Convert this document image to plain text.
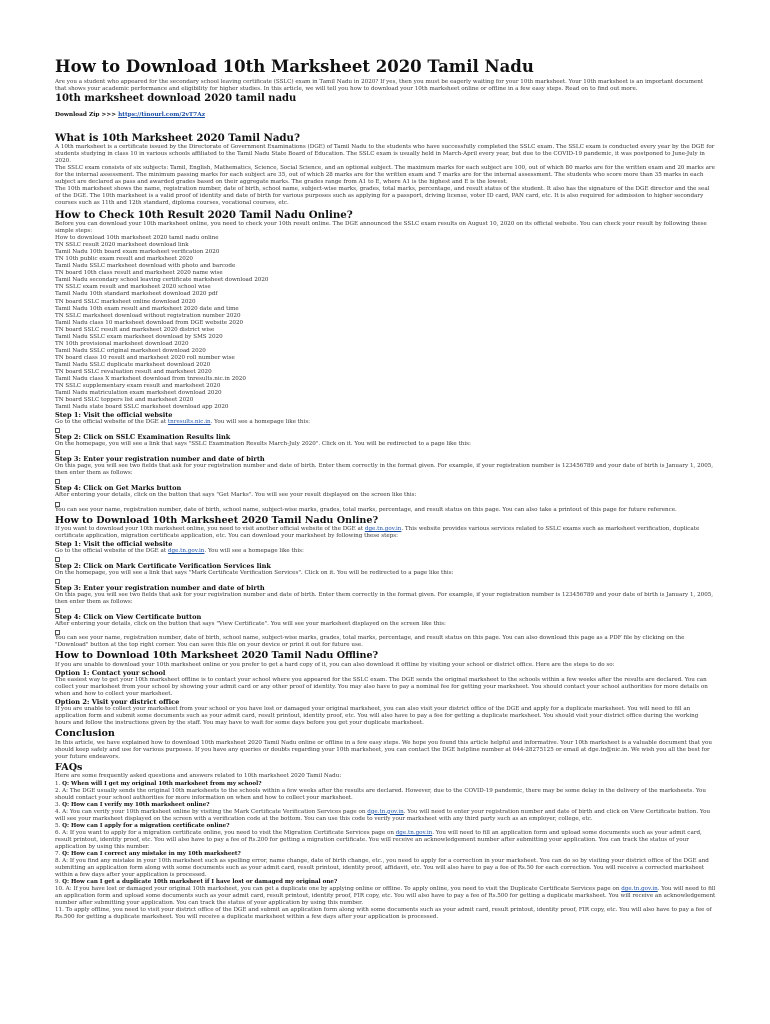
How to Download 10th Marksheet 2020 Tamil Nadu

Are you a student who appeared for the secondary school leaving certificate (SSLC) exam in Tamil Nadu in 2020? If yes, then you must be eagerly waiting for your 10th marksheet. Your 10th marksheet is an important document that shows your academic performance and eligibility for higher studies. In this article, we will tell you how to download your 10th marksheet online or offline in a few easy steps. Read on to find out more.

10th marksheet download 2020 tamil nadu
Download Zip >>> https://tinourl.com/2vT7Az
What is 10th Marksheet 2020 Tamil Nadu?

A 10th marksheet is a certificate issued by the Directorate of Government Examinations (DGE) of Tamil Nadu to the students who have successfully completed the SSLC exam. The SSLC exam is conducted every year by the DGE for students studying in class 10 in various schools affiliated to the Tamil Nadu State Board of Education. The SSLC exam is usually held in March-April every year, but due to the COVID-19 pandemic, it was postponed to June-July in 2020.

The SSLC exam consists of six subjects: Tamil, English, Mathematics, Science, Social Science, and an optional subject. The maximum marks for each subject are 100, out of which 80 marks are for the written exam and 20 marks are for the internal assessment. The minimum passing marks for each subject are 35, out of which 28 marks are for the written exam and 7 marks are for the internal assessment. The students who score more than 35 marks in each subject are declared as pass and awarded grades based on their aggregate marks. The grades range from A1 to E, where A1 is the highest and E is the lowest.

The 10th marksheet shows the name, registration number, date of birth, school name, subject-wise marks, grades, total marks, percentage, and result status of the student. It also has the signature of the DGE director and the seal of the DGE. The 10th marksheet is a valid proof of identity and date of birth for various purposes such as applying for a passport, driving license, voter ID card, PAN card, etc. It is also required for admission to higher secondary courses such as 11th and 12th standard, diploma courses, vocational courses, etc.

How to Check 10th Result 2020 Tamil Nadu Online?

Before you can download your 10th marksheet online, you need to check your 10th result online. The DGE announced the SSLC exam results on August 10, 2020 on its official website. You can check your result by following these simple steps:

How to download 10th marksheet 2020 tamil nadu online

TN SSLC result 2020 marksheet download link

Tamil Nadu 10th board exam marksheet verification 2020

TN 10th public exam result and marksheet 2020

Tamil Nadu SSLC marksheet download with photo and barcode

TN board 10th class result and marksheet 2020 name wise

Tamil Nadu secondary school leaving certificate marksheet download 2020

TN SSLC exam result and marksheet 2020 school wise

Tamil Nadu 10th standard marksheet download 2020 pdf

TN board SSLC marksheet online download 2020

Tamil Nadu 10th exam result and marksheet 2020 date and time

TN SSLC marksheet download without registration number 2020

Tamil Nadu class 10 marksheet download from DGE website 2020

TN board SSLC result and marksheet 2020 district wise

Tamil Nadu SSLC exam marksheet download by SMS 2020

TN 10th provisional marksheet download 2020

Tamil Nadu SSLC original marksheet download 2020

TN board class 10 result and marksheet 2020 roll number wise

Tamil Nadu SSLC duplicate marksheet download 2020

TN board SSLC revaluation result and marksheet 2020

Tamil Nadu class X marksheet download from tnresults.nic.in 2020

TN SSLC supplementary exam result and marksheet 2020

Tamil Nadu matriculation exam marksheet download 2020

TN board SSLC toppers list and marksheet 2020

Tamil Nadu state board SSLC marksheet download app 2020

Step 1: Visit the official website

Go to the official website of the DGE at tnresults.nic.in. You will see a homepage like this:

Step 2: Click on SSLC Examination Results link

On the homepage, you will see a link that says "SSLC Examination Results March-July 2020". Click on it. You will be redirected to a page like this:

Step 3: Enter your registration number and date of birth

On this page, you will see two fields that ask for your registration number and date of birth. Enter them correctly in the format given. For example, if your registration number is 123456789 and your date of birth is January 1, 2005, then enter them as follows:

Step 4: Click on Get Marks button

After entering your details, click on the button that says "Get Marks". You will see your result displayed on the screen like this:

You can see your name, registration number, date of birth, school name, subject-wise marks, grades, total marks, percentage, and result status on this page. You can also take a printout of this page for future reference.

How to Download 10th Marksheet 2020 Tamil Nadu Online?

If you want to download your 10th marksheet online, you need to visit another official website of the DGE at dge.tn.gov.in. This website provides various services related to SSLC exams such as marksheet verification, duplicate certificate application, migration certificate application, etc. You can download your marksheet by following these steps:

Step 1: Visit the official website

Go to the official website of the DGE at dge.tn.gov.in. You will see a homepage like this:

Step 2: Click on Mark Certificate Verification Services link

On the homepage, you will see a link that says "Mark Certificate Verification Services". Click on it. You will be redirected to a page like this:

Step 3: Enter your registration number and date of birth

On this page, you will see two fields that ask for your registration number and date of birth. Enter them correctly in the format given. For example, if your registration number is 123456789 and your date of birth is January 1, 2005, then enter them as follows:

Step 4: Click on View Certificate button

After entering your details, click on the button that says "View Certificate". You will see your marksheet displayed on the screen like this:

You can see your name, registration number, date of birth, school name, subject-wise marks, grades, total marks, percentage, and result status on this page. You can also download this page as a PDF file by clicking on the "Download" button at the top right corner. You can save this file on your device or print it out for future use.

How to Download 10th Marksheet 2020 Tamil Nadu Offline?

If you are unable to download your 10th marksheet online or you prefer to get a hard copy of it, you can also download it offline by visiting your school or district office. Here are the steps to do so:

Option 1: Contact your school

The easiest way to get your 10th marksheet offline is to contact your school where you appeared for the SSLC exam. The DGE sends the original marksheet to the schools within a few weeks after the results are declared. You can collect your marksheet from your school by showing your admit card or any other proof of identity. You may also have to pay a nominal fee for getting your marksheet. You should contact your school authorities for more details on when and how to collect your marksheet.

Option 2: Visit your district office

If you are unable to collect your marksheet from your school or you have lost or damaged your original marksheet, you can also visit your district office of the DGE and apply for a duplicate marksheet. You will need to fill an application form and submit some documents such as your admit card, result printout, identity proof, etc. You will also have to pay a fee for getting a duplicate marksheet. You should visit your district office during the working hours and follow the instructions given by the staff. You may have to wait for some days before you get your duplicate marksheet.

Conclusion

In this article, we have explained how to download 10th marksheet 2020 Tamil Nadu online or offline in a few easy steps. We hope you found this article helpful and informative. Your 10th marksheet is a valuable document that you should keep safely and use for various purposes. If you have any queries or doubts regarding your 10th marksheet, you can contact the DGE helpline number at 044-28275125 or email at dge.tn@nic.in. We wish you all the best for your future endeavors.

FAQs

Here are some frequently asked questions and answers related to 10th marksheet 2020 Tamil Nadu:

1. Q: When will I get my original 10th marksheet from my school?

2. A: The DGE usually sends the original 10th marksheets to the schools within a few weeks after the results are declared. However, due to the COVID-19 pandemic, there may be some delay in the delivery of the marksheets. You should contact your school authorities for more information on when and how to collect your marksheet.

3. Q: How can I verify my 10th marksheet online?

4. A: You can verify your 10th marksheet online by visiting the Mark Certificate Verification Services page on dge.tn.gov.in. You will need to enter your registration number and date of birth and click on View Certificate button. You will see your marksheet displayed on the screen with a verification code at the bottom. You can use this code to verify your marksheet with any third party such as an employer, college, etc.

5. Q: How can I apply for a migration certificate online?

6. A: If you want to apply for a migration certificate online, you need to visit the Migration Certificate Services page on dge.tn.gov.in. You will need to fill an application form and upload some documents such as your admit card, result printout, identity proof, etc. You will also have to pay a fee of Rs.200 for getting a migration certificate. You will receive an acknowledgement number after submitting your application. You can track the status of your application by using this number.

7. Q: How can I correct any mistake in my 10th marksheet?

8. A: If you find any mistake in your 10th marksheet such as spelling error, name change, date of birth change, etc., you need to apply for a correction in your marksheet. You can do so by visiting your district office of the DGE and submitting an application form along with some documents such as your admit card, result printout, identity proof, affidavit, etc. You will also have to pay a fee of Rs.50 for each correction. You will receive a corrected marksheet within a few days after your application is processed.

9. Q: How can I get a duplicate 10th marksheet if I have lost or damaged my original one?

10. A: If you have lost or damaged your original 10th marksheet, you can get a duplicate one by applying online or offline. To apply online, you need to visit the Duplicate Certificate Services page on dge.tn.gov.in. You will need to fill an application form and upload some documents such as your admit card, result printout, identity proof, FIR copy, etc. You will also have to pay a fee of Rs.500 for getting a duplicate marksheet. You will receive an acknowledgement number after submitting your application. You can track the status of your application by using this number.

11. To apply offline, you need to visit your district office of the DGE and submit an application form along with some documents such as your admit card, result printout, identity proof, FIR copy, etc. You will also have to pay a fee of Rs.500 for getting a duplicate marksheet. You will receive a duplicate marksheet within a few days after your application is processed.
